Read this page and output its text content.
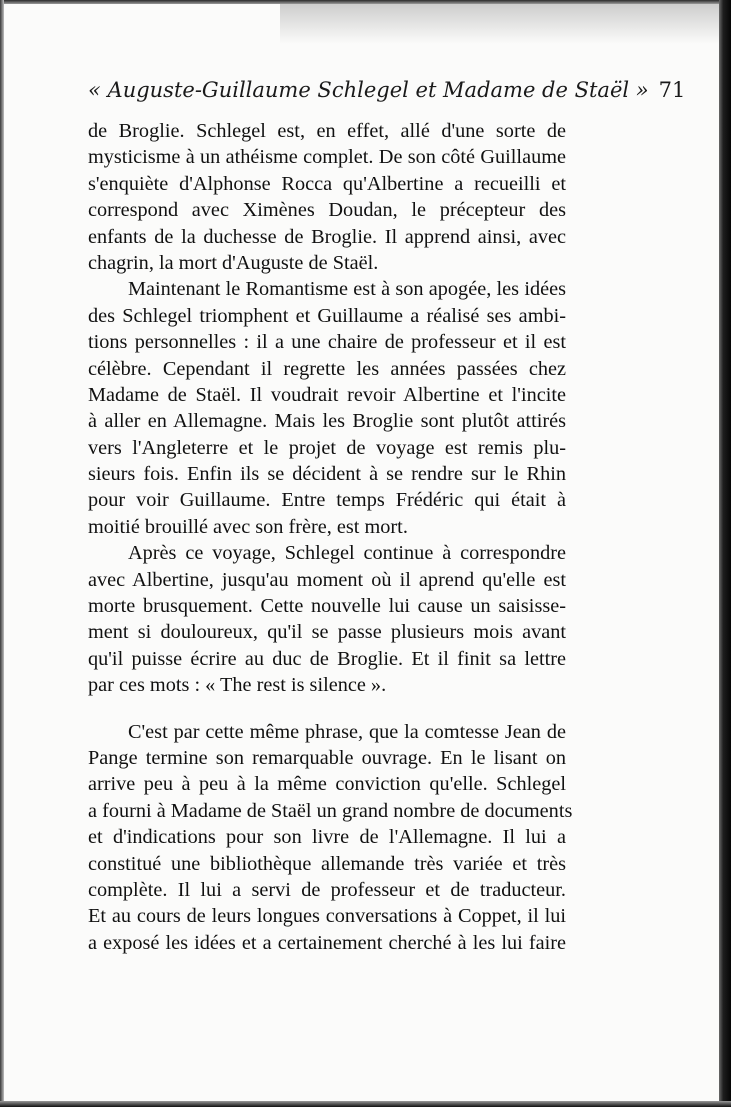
« Auguste-Guillaume Schlegel et Madame de Staël » 71
de Broglie. Schlegel est, en effet, allé d'une sorte de
mysticisme à un athéisme complet. De son côté Guillaume
s'enquiète d'Alphonse Rocca qu'Albertine a recueilli et
correspond avec Ximènes Doudan, le précepteur des
enfants de la duchesse de Broglie. Il apprend ainsi, avec
chagrin, la mort d'Auguste de Staël.
Maintenant le Romantisme est à son apogée, les idées
des Schlegel triomphent et Guillaume a réalisé ses ambi-
tions personnelles : il a une chaire de professeur et il est
célèbre. Cependant il regrette les années passées chez
Madame de Staël. Il voudrait revoir Albertine et l'incite
à aller en Allemagne. Mais les Broglie sont plutôt attirés
vers l'Angleterre et le projet de voyage est remis plu-
sieurs fois. Enfin ils se décident à se rendre sur le Rhin
pour voir Guillaume. Entre temps Frédéric qui était à
moitié brouillé avec son frère, est mort.
Après ce voyage, Schlegel continue à correspondre
avec Albertine, jusqu'au moment où il aprend qu'elle est
morte brusquement. Cette nouvelle lui cause un saisisse-
ment si douloureux, qu'il se passe plusieurs mois avant
qu'il puisse écrire au duc de Broglie. Et il finit sa lettre
par ces mots : « The rest is silence ».
C'est par cette même phrase, que la comtesse Jean de
Pange termine son remarquable ouvrage. En le lisant on
arrive peu à peu à la même conviction qu'elle. Schlegel
a fourni à Madame de Staël un grand nombre de documents
et d'indications pour son livre de l'Allemagne. Il lui a
constitué une bibliothèque allemande très variée et très
complète. Il lui a servi de professeur et de traducteur.
Et au cours de leurs longues conversations à Coppet, il lui
a exposé les idées et a certainement cherché à les lui faire
